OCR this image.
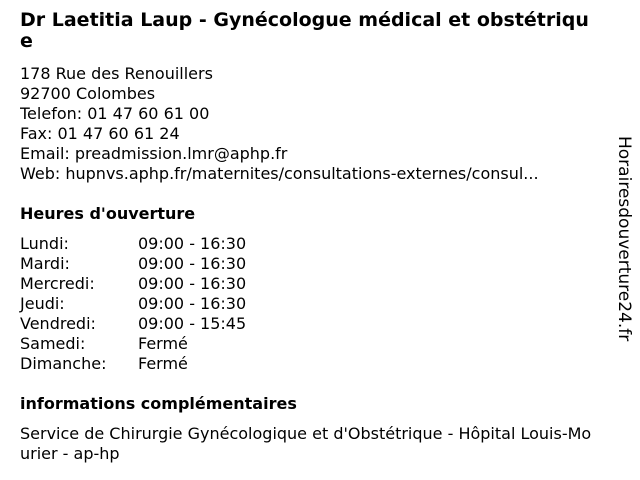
Dr Laetitia Laup - Gynécologue médical et obstétrique
178 Rue des Renouillers
92700 Colombes
Telefon: 01 47 60 61 00
Fax: 01 47 60 61 24
Email: preadmission.lmr@aphp.fr
Web: hupnvs.aphp.fr/maternites/consultations-externes/consul...
Heures d'ouverture
Lundi:	09:00 - 16:30
Mardi:	09:00 - 16:30
Mercredi:	09:00 - 16:30
Jeudi:	09:00 - 16:30
Vendredi:	09:00 - 15:45
Samedi:	Fermé
Dimanche:	Fermé
informations complémentaires
Service de Chirurgie Gynécologique et d'Obstétrique - Hôpital Louis-Mourier - ap-hp
Horairesdouverture24.fr
